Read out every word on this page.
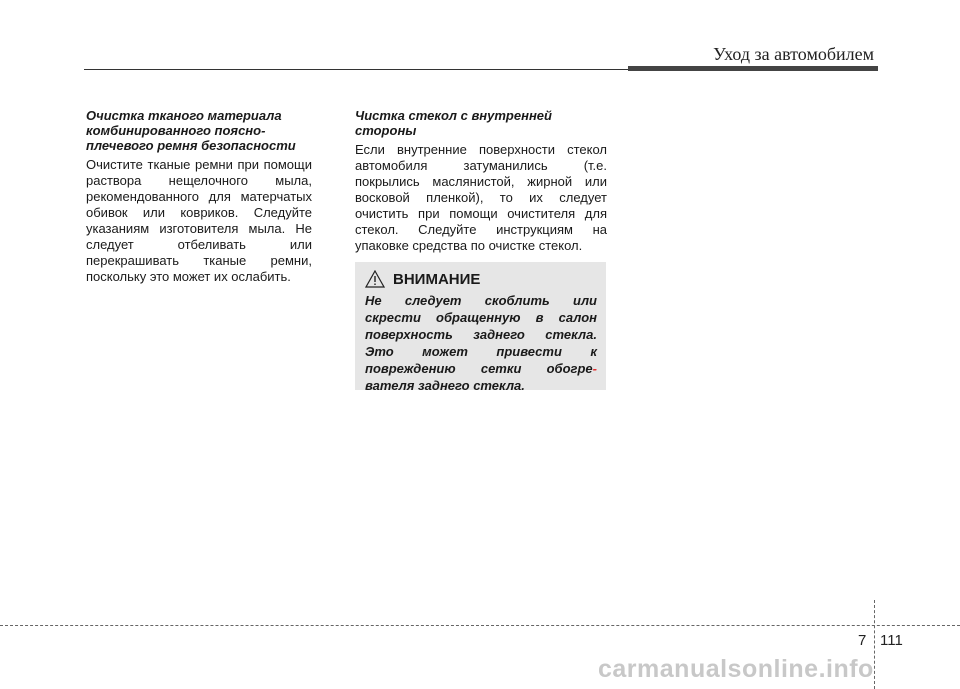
Уход за автомобилем

Очистка тканого материала комбинированного поясно-плечевого ремня безопасности

Очистите тканые ремни при помощи раствора нещелочного мыла, рекомендованного для матерчатых обивок или ковриков. Следуйте указаниям изготовителя мыла. Не следует отбеливать или перекрашивать тканые ремни, поскольку это может их ослабить.

Чистка стекол с внутренней стороны

Если внутренние поверхности стекол автомобиля затуманились (т.е. покрылись маслянистой, жирной или восковой пленкой), то их следует очистить при помощи очистителя для стекол. Следуйте инструкциям на упаковке средства по очистке стекол.

ВНИМАНИЕ
Не следует скоблить или
скрести обращенную в салон
поверхность заднего стекла.
Это может привести к
повреждению сетки обогре-
вателя заднего стекла.
7 111
carmanualsonline.info
